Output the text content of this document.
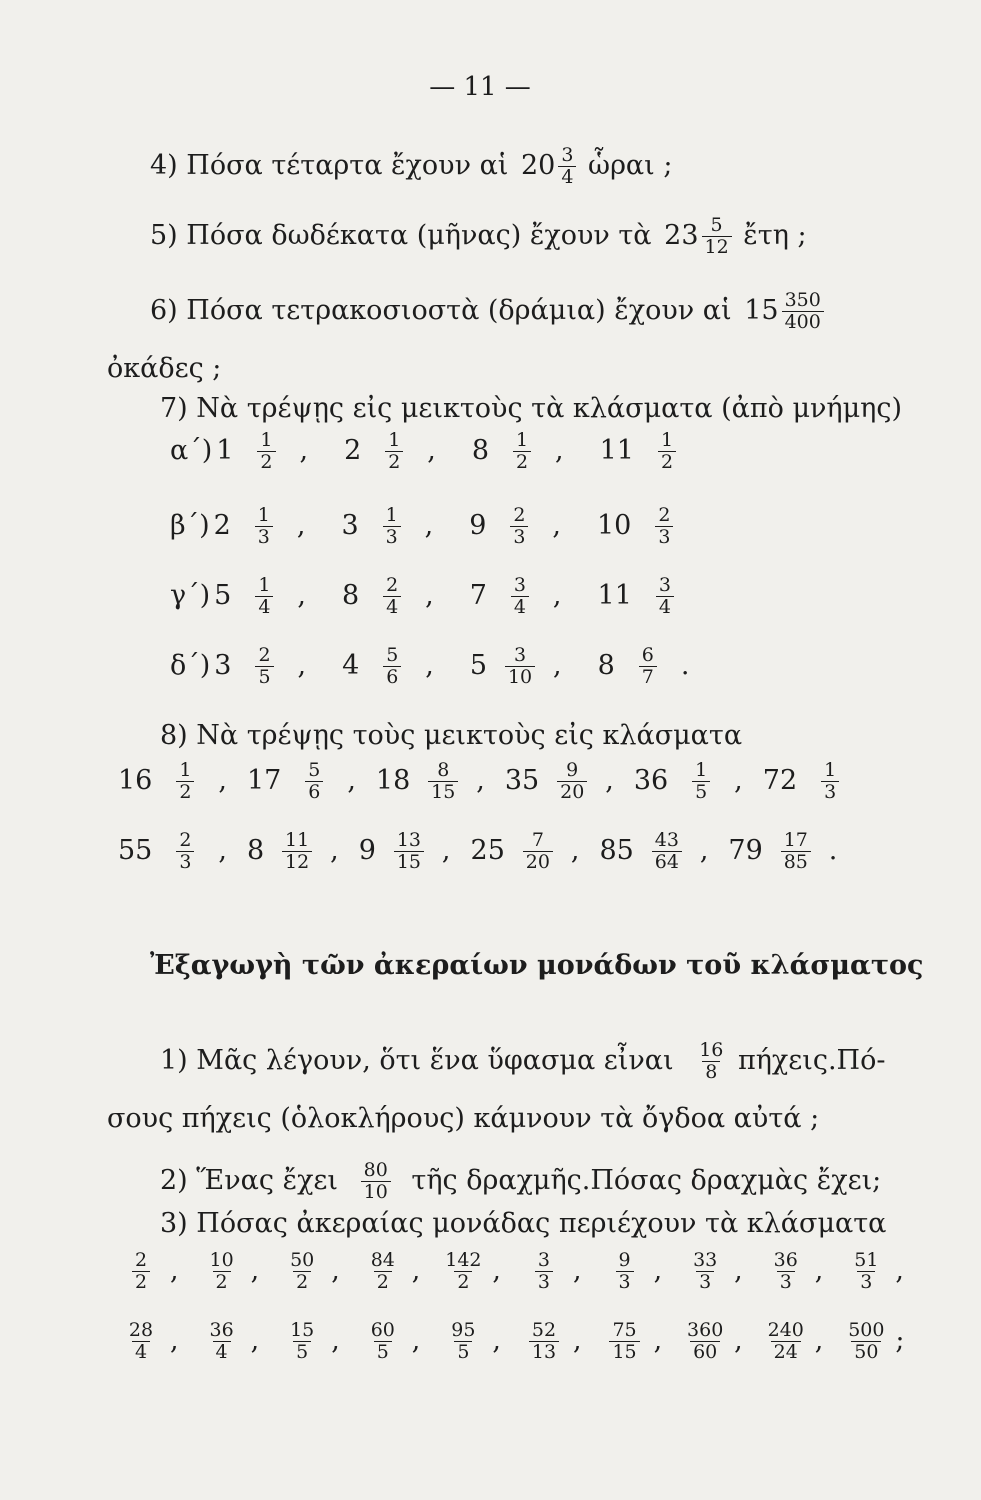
— 11 —
4) Πόσα τέταρτα ἔχουν αἱ $20 \frac{3}{4}$ ὧραι ;
5) Πόσα δωδέκατα (μῆνας) ἔχουν τὰ $23 \frac{5}{12}$ ἔτη ;
6) Πόσα τετρακοσιοστὰ (δράμια) ἔχουν αἱ $15 \frac{350}{400}$
ὀκάδες ;
7) Νὰ τρέψῃς εἰς μεικτοὺς τὰ κλάσματα (ἀπὸ μνήμης)
α΄) $1 \frac{1}{2}$ , $2 \frac{1}{2}$ , $8 \frac{1}{2}$ , $11 \frac{1}{2}$
β΄) $2 \frac{1}{3}$ , $3 \frac{1}{3}$ , $9 \frac{2}{3}$ , $10 \frac{2}{3}$
γ΄) $5 \frac{1}{4}$ , $8 \frac{2}{4}$ , $7 \frac{3}{4}$ , $11 \frac{3}{4}$
δ΄) $3 \frac{2}{5}$ , $4 \frac{5}{6}$ , $5 \frac{3}{10}$ , $8 \frac{6}{7}$ .
8) Νὰ τρέψῃς τοὺς μεικτοὺς εἰς κλάσματα
$16 \frac{1}{2}$ , $17 \frac{5}{6}$ , $18 \frac{8}{15}$ , $35 \frac{9}{20}$ , $36 \frac{1}{5}$ , $72 \frac{1}{3}$
$55 \frac{2}{3}$ , $8 \frac{11}{12}$ , $9 \frac{13}{15}$ , $25 \frac{7}{20}$ , $85 \frac{43}{64}$ , $79 \frac{17}{85}$ .
Ἐξαγωγὴ τῶν ἀκεραίων μονάδων τοῦ κλάσματος
1) Μᾶς λέγουν, ὅτι ἕνα ὕφασμα εἶναι $\frac{16}{8} \pi ή\chi\varepsilon\iota\varsigma.\Pi ό-$
σους πήχεις (ὁλοκλήρους) κάμνουν τὰ ὄγδοα αὐτά ;
2) Ἕνας ἔχει $\frac{80}{10}$ τῆς δραχμῆς.Πόσας δραχμὰς ἔχει;
3) Πόσας ἀκεραίας μονάδας περιέχουν τὰ κλάσματα
$\frac{2}{2}$ , $\frac{10}{2}$ , $\frac{50}{2}$ , $\frac{84}{2}$ , $\frac{142}{2}$ , $\frac{3}{3}$ , $\frac{9}{3}$ , $\frac{33}{3}$ , $\frac{36}{3}$ , $\frac{51}{3}$ ,
$\frac{28}{4}$ , $\frac{36}{4}$ , $\frac{15}{5}$ , $\frac{60}{5}$ , $\frac{95}{5}$ , $\frac{52}{13}$ , $\frac{75}{15}$ , $\frac{360}{60}$ , $\frac{240}{24}$ , $\frac{500}{50}$ ;
